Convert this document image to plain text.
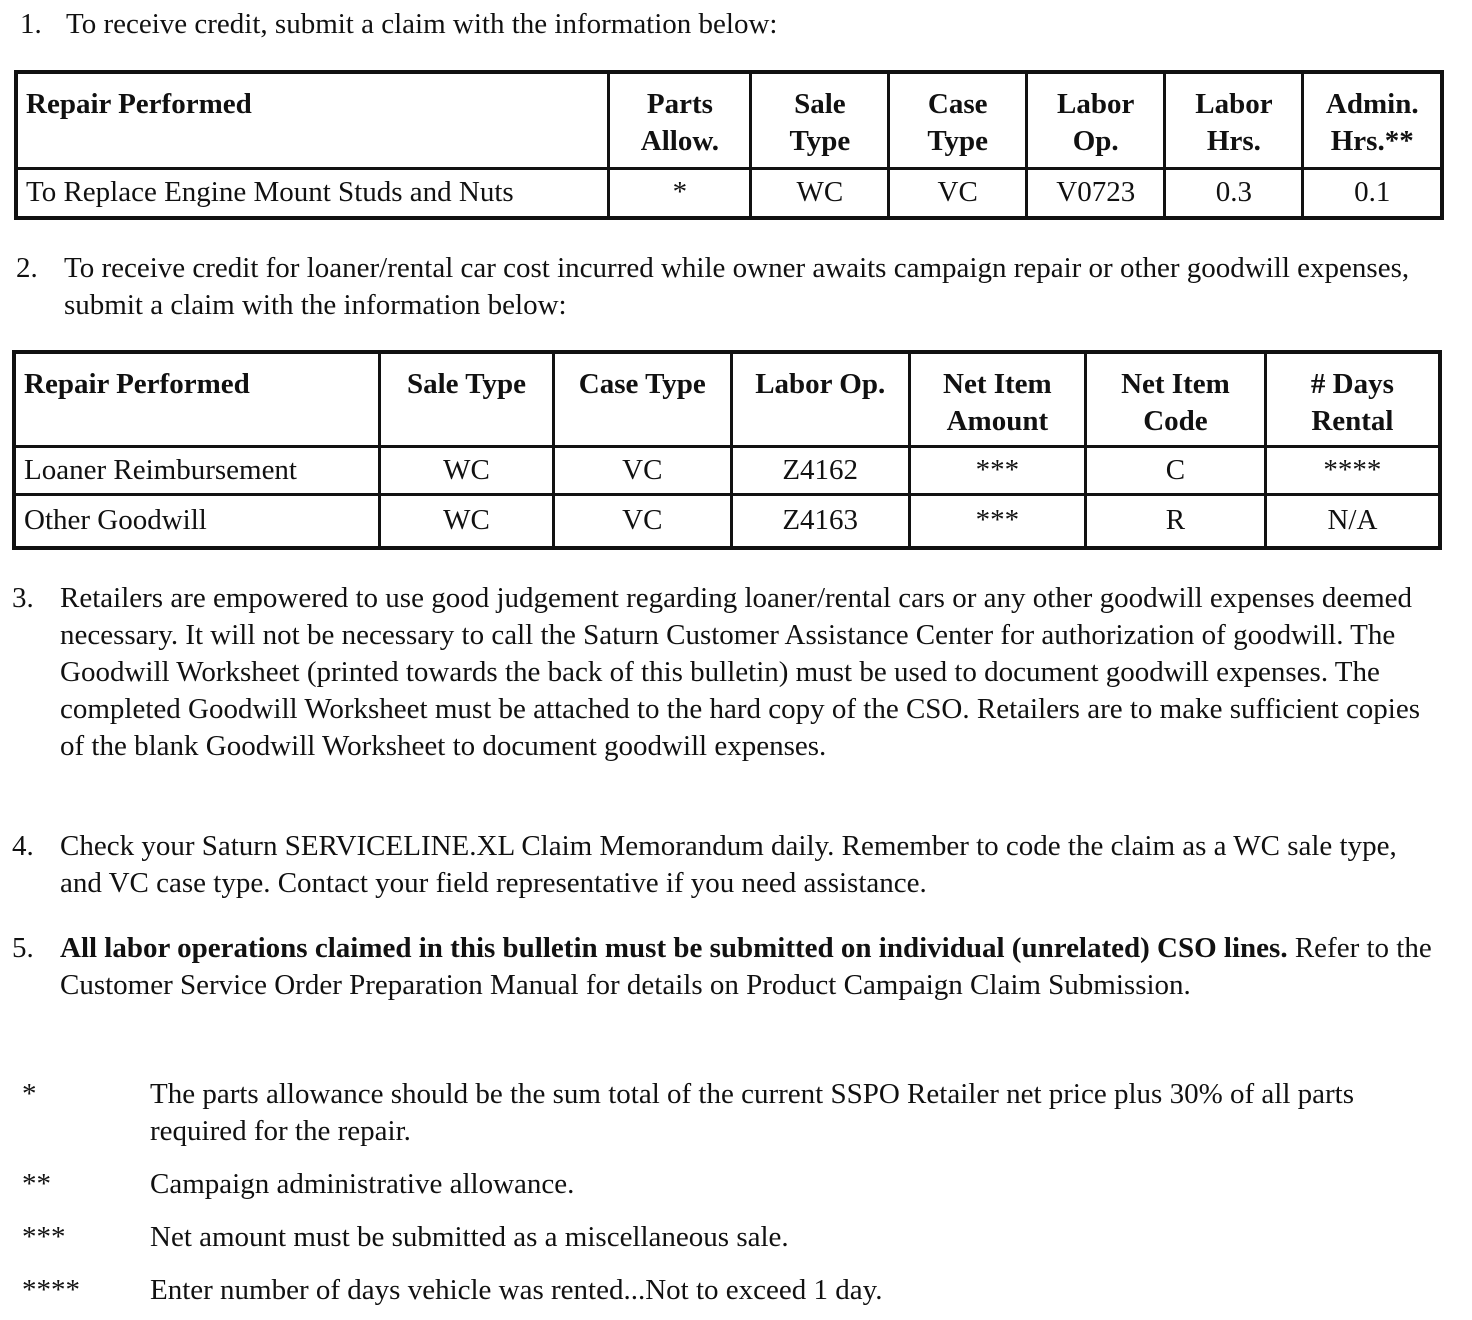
1. To receive credit, submit a claim with the information below:
Repair Performed	Parts Allow.	Sale Type	Case Type	Labor Op.	Labor Hrs.	Admin. Hrs.**
To Replace Engine Mount Studs and Nuts	*	WC	VC	V0723	0.3	0.1
2. To receive credit for loaner/rental car cost incurred while owner awaits campaign repair or other goodwill expenses, submit a claim with the information below:
Repair Performed	Sale Type	Case Type	Labor Op.	Net Item Amount	Net Item Code	# Days Rental
Loaner Reimbursement	WC	VC	Z4162	***	C	****
Other Goodwill	WC	VC	Z4163	***	R	N/A
3. Retailers are empowered to use good judgement regarding loaner/rental cars or any other goodwill expenses deemed necessary. It will not be necessary to call the Saturn Customer Assistance Center for authorization of goodwill. The Goodwill Worksheet (printed towards the back of this bulletin) must be used to document goodwill expenses. The completed Goodwill Worksheet must be attached to the hard copy of the CSO. Retailers are to make sufficient copies of the blank Goodwill Worksheet to document goodwill expenses.
4. Check your Saturn SERVICELINE.XL Claim Memorandum daily. Remember to code the claim as a WC sale type, and VC case type. Contact your field representative if you need assistance.
5. All labor operations claimed in this bulletin must be submitted on individual (unrelated) CSO lines. Refer to the Customer Service Order Preparation Manual for details on Product Campaign Claim Submission.
*	The parts allowance should be the sum total of the current SSPO Retailer net price plus 30% of all parts required for the repair.
**	Campaign administrative allowance.
***	Net amount must be submitted as a miscellaneous sale.
**** Enter number of days vehicle was rented...Not to exceed 1 day.
